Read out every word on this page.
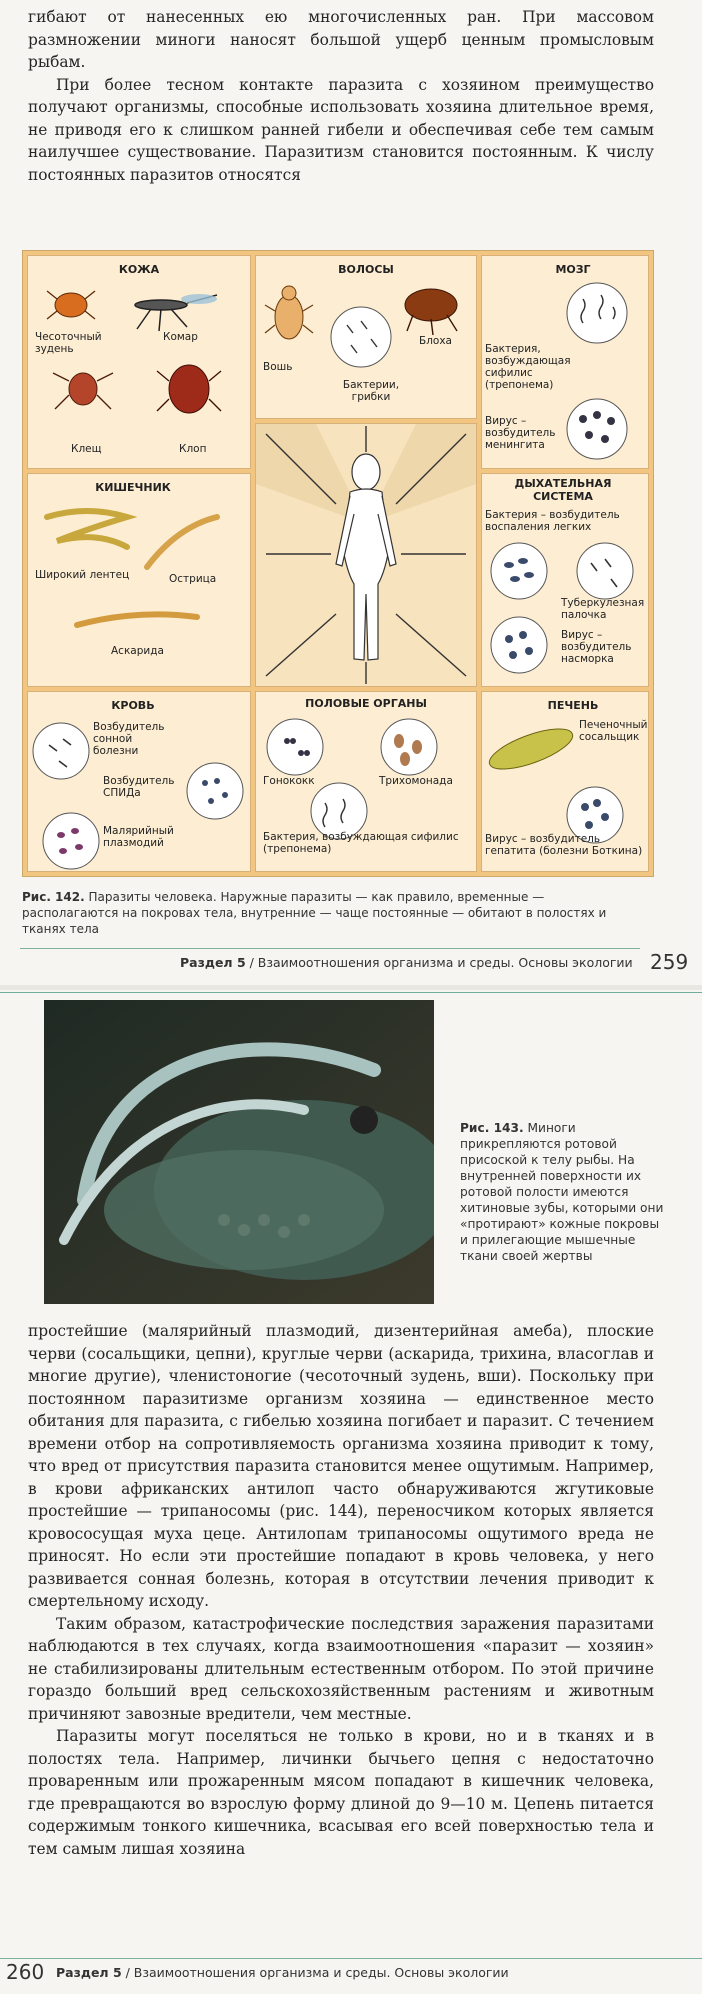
гибают от нанесенных ею многочисленных ран. При массовом размножении миноги наносят большой ущерб ценным промысловым рыбам.

При более тесном контакте паразита с хозяином преимущество получают организмы, способные использовать хозяина длительное время, не приводя его к слишком ранней гибели и обеспечивая себе тем самым наилучшее существование. Паразитизм становится постоянным. К числу постоянных паразитов относятся

КОЖА
Чесоточный зудень
Комар
Клещ	Клоп
ВОЛОСЫ
Вошь
Блоха
Бактерии, грибки
МОЗГ
Бактерия, возбуждающая сифилис (трепонема)
Вирус – возбудитель менингита
КИШЕЧНИК
Широкий лентец	Острица
Аскарида
ДЫХАТЕЛЬНАЯ СИСТЕМА
Бактерия – возбудитель воспаления легких
Туберкулезная палочка
Вирус – возбудитель насморка
КРОВЬ
Возбудитель сонной болезни
Возбудитель СПИДа
Малярийный плазмодий
ПОЛОВЫЕ ОРГАНЫ
Гонококк	Трихомонада
Бактерия, возбуждающая сифилис (трепонема)
ПЕЧЕНЬ
Печеночный сосальщик
Вирус – возбудитель гепатита (болезни Боткина)
Рис. 142. Паразиты человека. Наружные паразиты — как правило, временные — располагаются на покровах тела, внутренние — чаще постоянные — обитают в полостях и тканях тела
Раздел 5 / Взаимоотношения организма и среды. Основы экологии 259
Рис. 143. Миноги прикрепляются ротовой присоской к телу рыбы. На внутренней поверхности их ротовой полости имеются хитиновые зубы, которыми они «протирают» кожные покровы и прилегающие мышечные ткани своей жертвы

простейшие (малярийный плазмодий, дизентерийная амеба), плоские черви (сосальщики, цепни), круглые черви (аскарида, трихина, власоглав и многие другие), членистоногие (чесоточный зудень, вши). Поскольку при постоянном паразитизме организм хозяина — единственное место обитания для паразита, с гибелью хозяина погибает и паразит. С течением времени отбор на сопротивляемость организма хозяина приводит к тому, что вред от присутствия паразита становится менее ощутимым. Например, в крови африканских антилоп часто обнаруживаются жгутиковые простейшие — трипаносомы (рис. 144), переносчиком которых является кровососущая муха цеце. Антилопам трипаносомы ощутимого вреда не приносят. Но если эти простейшие попадают в кровь человека, у него развивается сонная болезнь, которая в отсутствии лечения приводит к смертельному исходу.

Таким образом, катастрофические последствия заражения паразитами наблюдаются в тех случаях, когда взаимоотношения «паразит — хозяин» не стабилизированы длительным естественным отбором. По этой причине гораздо больший вред сельскохозяйственным растениям и животным причиняют завозные вредители, чем местные.

Паразиты могут поселяться не только в крови, но и в тканях и в полостях тела. Например, личинки бычьего цепня с недостаточно проваренным или прожаренным мясом попадают в кишечник человека, где превращаются во взрослую форму длиной до 9—10 м. Цепень питается содержимым тонкого кишечника, всасывая его всей поверхностью тела и тем самым лишая хозяина

260 Раздел 5 / Взаимоотношения организма и среды. Основы экологии
